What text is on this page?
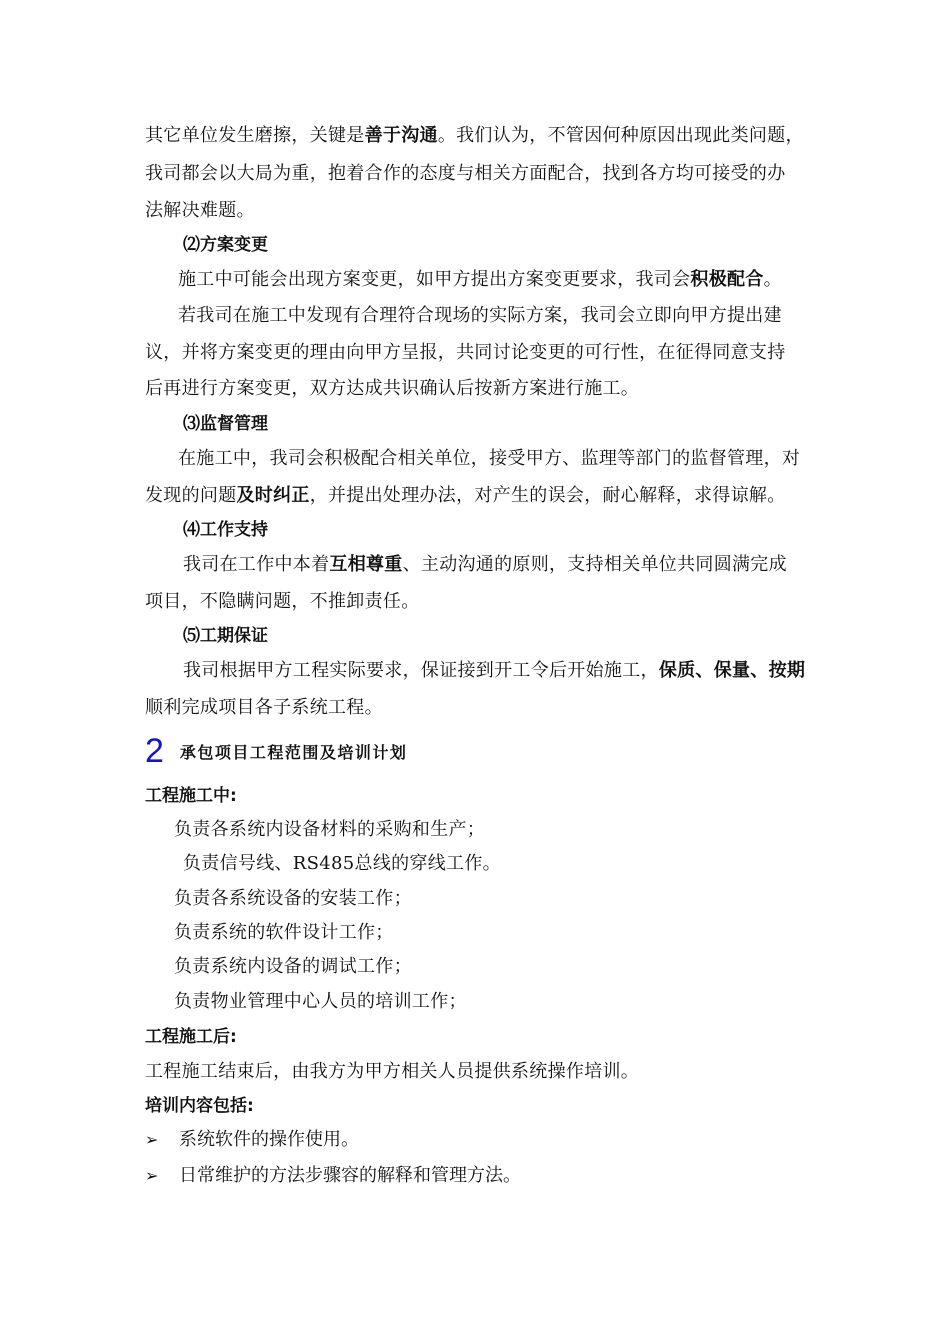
其它单位发生磨擦，关键是善于沟通。我们认为，不管因何种原因出现此类问题，
我司都会以大局为重，抱着合作的态度与相关方面配合，找到各方均可接受的办
法解决难题。
⑵方案变更
施工中可能会出现方案变更，如甲方提出方案变更要求，我司会积极配合。
若我司在施工中发现有合理符合现场的实际方案，我司会立即向甲方提出建
议，并将方案变更的理由向甲方呈报，共同讨论变更的可行性，在征得同意支持
后再进行方案变更，双方达成共识确认后按新方案进行施工。
⑶监督管理
在施工中，我司会积极配合相关单位，接受甲方、监理等部门的监督管理，对
发现的问题及时纠正，并提出处理办法，对产生的误会，耐心解释，求得谅解。
⑷工作支持
我司在工作中本着互相尊重、主动沟通的原则，支持相关单位共同圆满完成
项目，不隐瞒问题，不推卸责任。
⑸工期保证
我司根据甲方工程实际要求，保证接到开工令后开始施工，保质、保量、按期
顺利完成项目各子系统工程。
2 承包项目工程范围及培训计划
工程施工中:
负责各系统内设备材料的采购和生产；
负责信号线、RS485总线的穿线工作。
负责各系统设备的安装工作；
负责系统的软件设计工作；
负责系统内设备的调试工作；
负责物业管理中心人员的培训工作；
工程施工后:
工程施工结束后，由我方为甲方相关人员提供系统操作培训。
培训内容包括:
➢ 系统软件的操作使用。
➢ 日常维护的方法步骤容的解释和管理方法。
